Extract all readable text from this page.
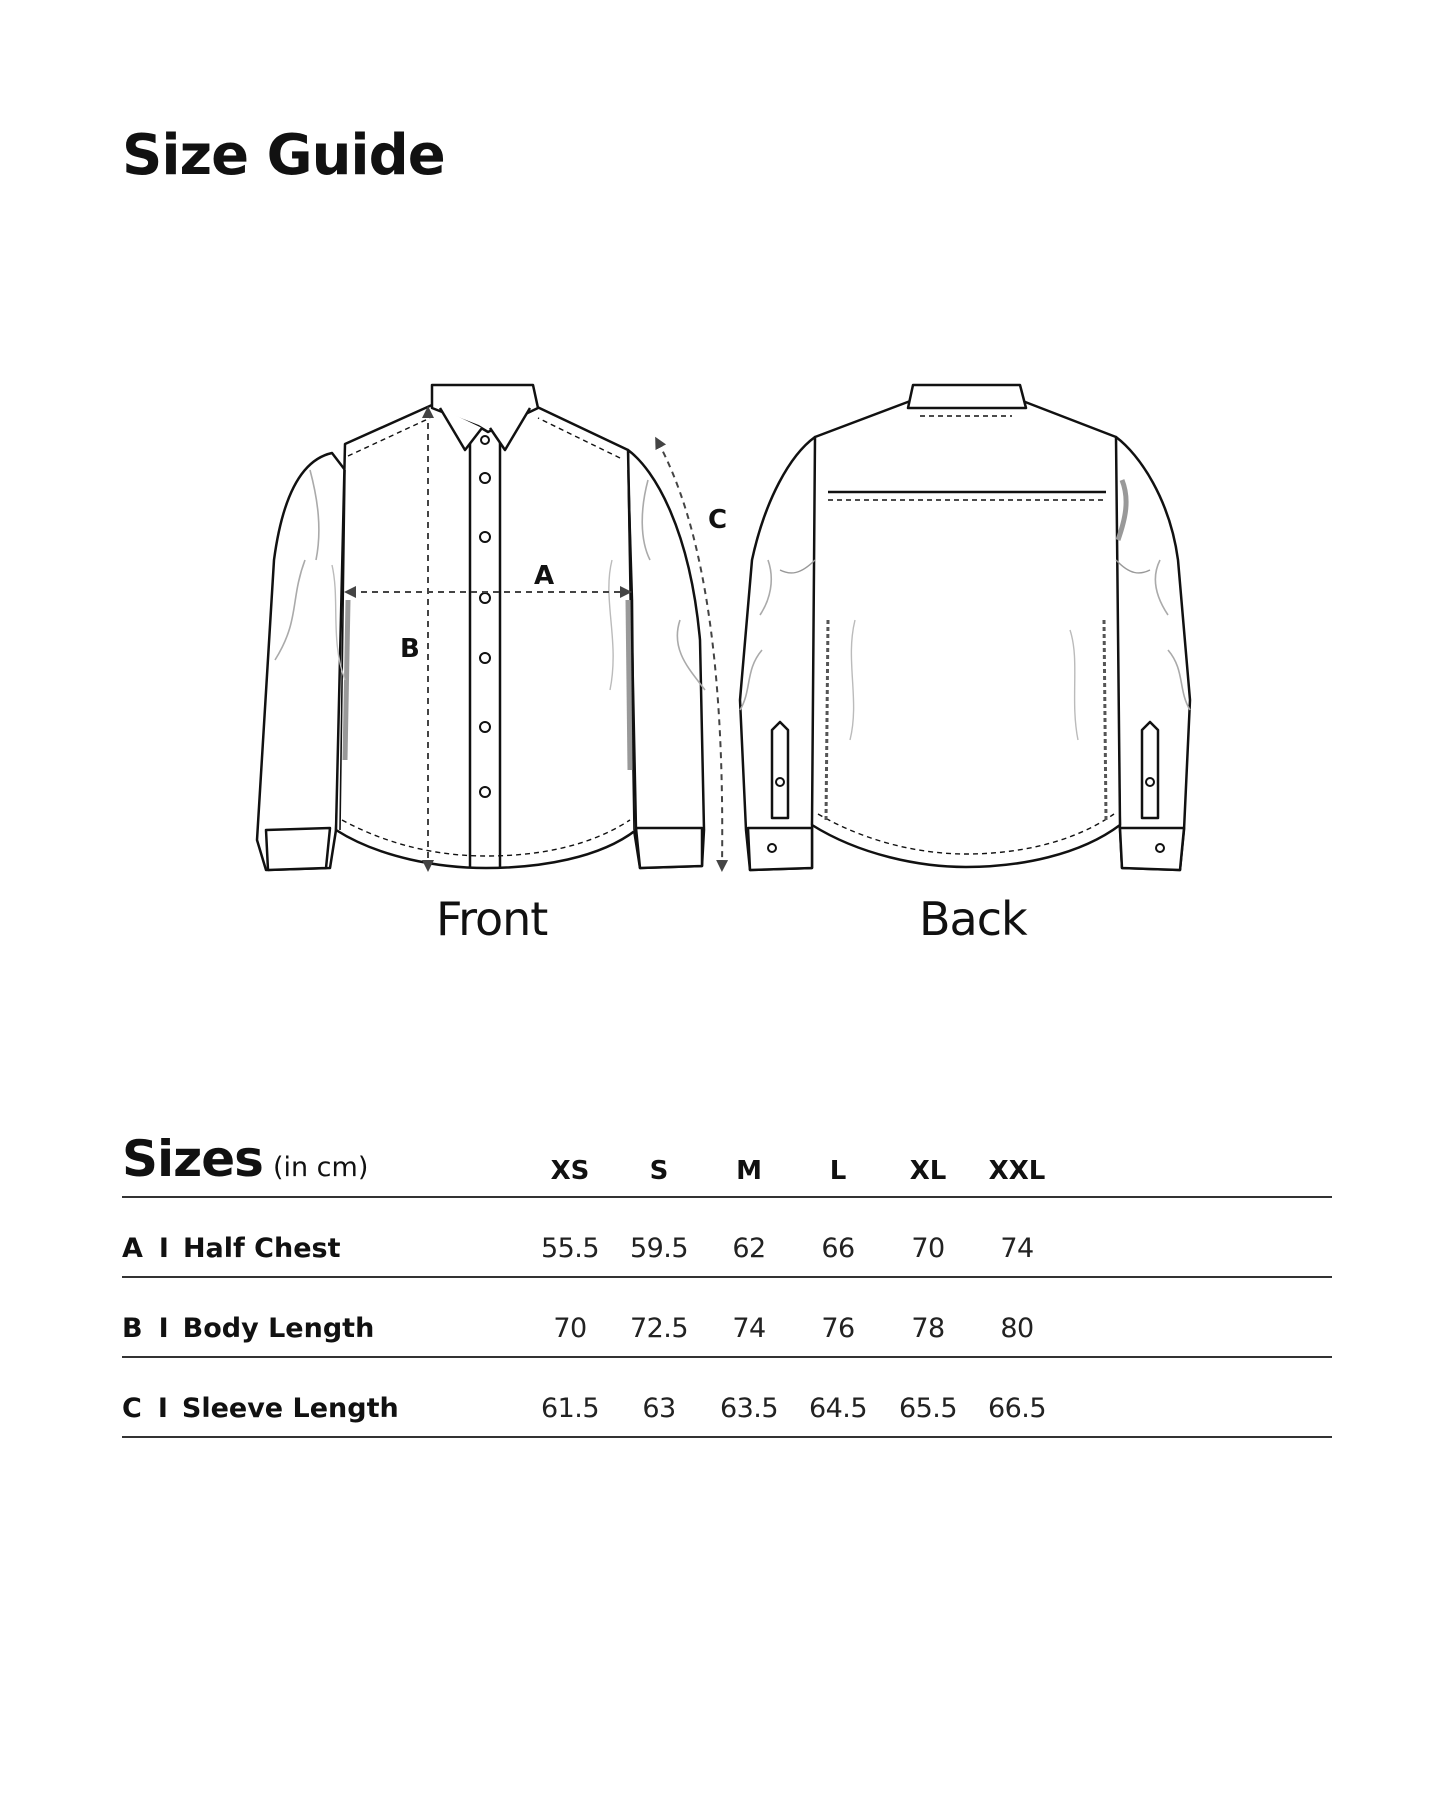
Size Guide
A
B
C
Front	Back
Sizes (in cm)	XS	S	M	L	XL	XXL
A I Half Chest	55.5	59.5	62	66	70	74
B I Body Length	70	72.5	74	76	78	80
C I Sleeve Length	61.5	63	63.5	64.5	65.5	66.5
